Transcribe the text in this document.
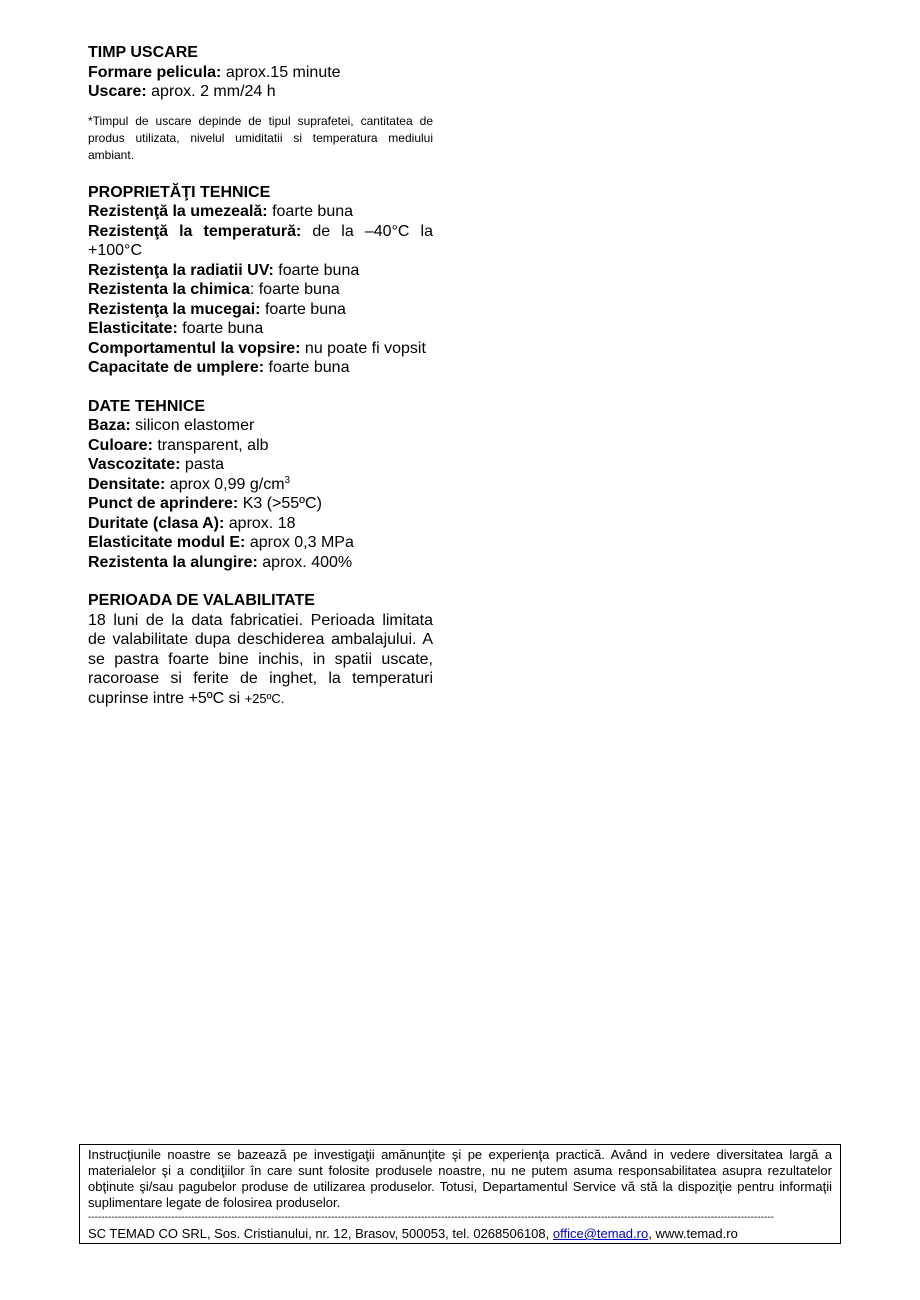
TIMP USCARE
Formare pelicula: aprox.15 minute
Uscare: aprox. 2 mm/24 h
*Timpul de uscare depinde de tipul suprafetei, cantitatea de produs utilizata, nivelul umiditatii si temperatura mediului ambiant.
PROPRIETĂŢI TEHNICE
Rezistenţă la umezeală: foarte buna
Rezistenţă la temperatură: de la –40°C la +100°C
Rezistenţa la radiatii UV: foarte buna
Rezistenta la chimica: foarte buna
Rezistenţa la mucegai: foarte buna
Elasticitate: foarte buna
Comportamentul la vopsire: nu poate fi vopsit
Capacitate de umplere: foarte buna
DATE TEHNICE
Baza: silicon elastomer
Culoare: transparent, alb
Vascozitate: pasta
Densitate: aprox 0,99 $g/cm^3$
Punct de aprindere: K3 (>55ºC)
Duritate (clasa A): aprox. 18
Elasticitate modul E: aprox 0,3 MPa
Rezistenta la alungire: aprox. 400%
PERIOADA DE VALABILITATE
18 luni de la data fabricatiei. Perioada limitata de valabilitate dupa deschiderea ambalajului. A se pastra foarte bine inchis, in spatii uscate, racoroase si ferite de inghet, la temperaturi cuprinse intre +5ºC si +25ºC.
Instrucţiunile noastre se bazează pe investigaţii amănunţite şi pe experienţa practică. Având in vedere diversitatea largă a materialelor şi a condiţiilor în care sunt folosite produsele noastre, nu ne putem asuma responsabilitatea asupra rezultatelor obţinute şi/sau pagubelor produse de utilizarea produselor. Totusi, Departamentul Service vă stă la dispoziţie pentru informaţii suplimentare legate de folosirea produselor.
--------------------------------------------------------------------------------------------------------------------------------------------------------------------------------------------------------------
SC TEMAD CO SRL, Sos. Cristianului, nr. 12, Brasov, 500053, tel. 0268506108, office@temad.ro, www.temad.ro
